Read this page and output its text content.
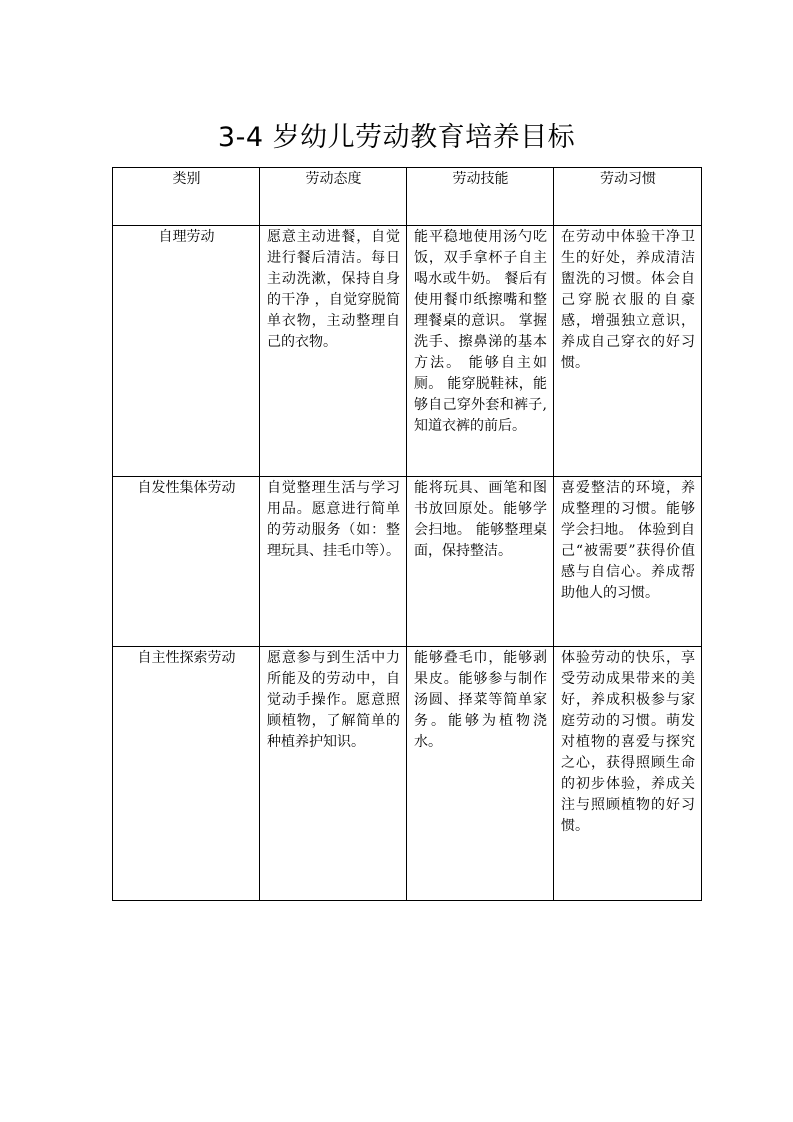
3-4 岁幼儿劳动教育培养目标
类别	劳动态度	劳动技能	劳动习惯
自理劳动	愿意主动进餐，自觉进行餐后清洁。每日主动洗漱，保持自身的干净 ，自觉穿脱简单衣物，主动整理自己的衣物。	能平稳地使用汤勺吃饭，双手拿杯子自主喝水或牛奶。 餐后有使用餐巾纸擦嘴和整理餐桌的意识。 掌握洗手、擦鼻涕的基本方法。 能够自主如厕。 能穿脱鞋袜，能够自己穿外套和裤子,知道衣裤的前后。	在劳动中体验干净卫生的好处，养成清洁盥洗的习惯。体会自己穿脱衣服的自豪感，增强独立意识，养成自己穿衣的好习惯。
自发性集体劳动	自觉整理生活与学习用品。愿意进行简单的劳动服务（如：整理玩具、挂毛巾等）。	能将玩具、画笔和图书放回原处。能够学会扫地。 能够整理桌面，保持整洁。	喜爱整洁的环境，养成整理的习惯。能够学会扫地。 体验到自己“被需要”获得价值感与自信心。养成帮助他人的习惯。
自主性探索劳动	愿意参与到生活中力所能及的劳动中，自觉动手操作。愿意照顾植物，了解简单的种植养护知识。	能够叠毛巾，能够剥果皮。能够参与制作汤圆、择菜等简单家务。能够为植物浇水。	体验劳动的快乐，享受劳动成果带来的美好，养成积极参与家庭劳动的习惯。萌发对植物的喜爱与探究之心，获得照顾生命 的初步体验，养成关注与照顾植物的好习惯。
